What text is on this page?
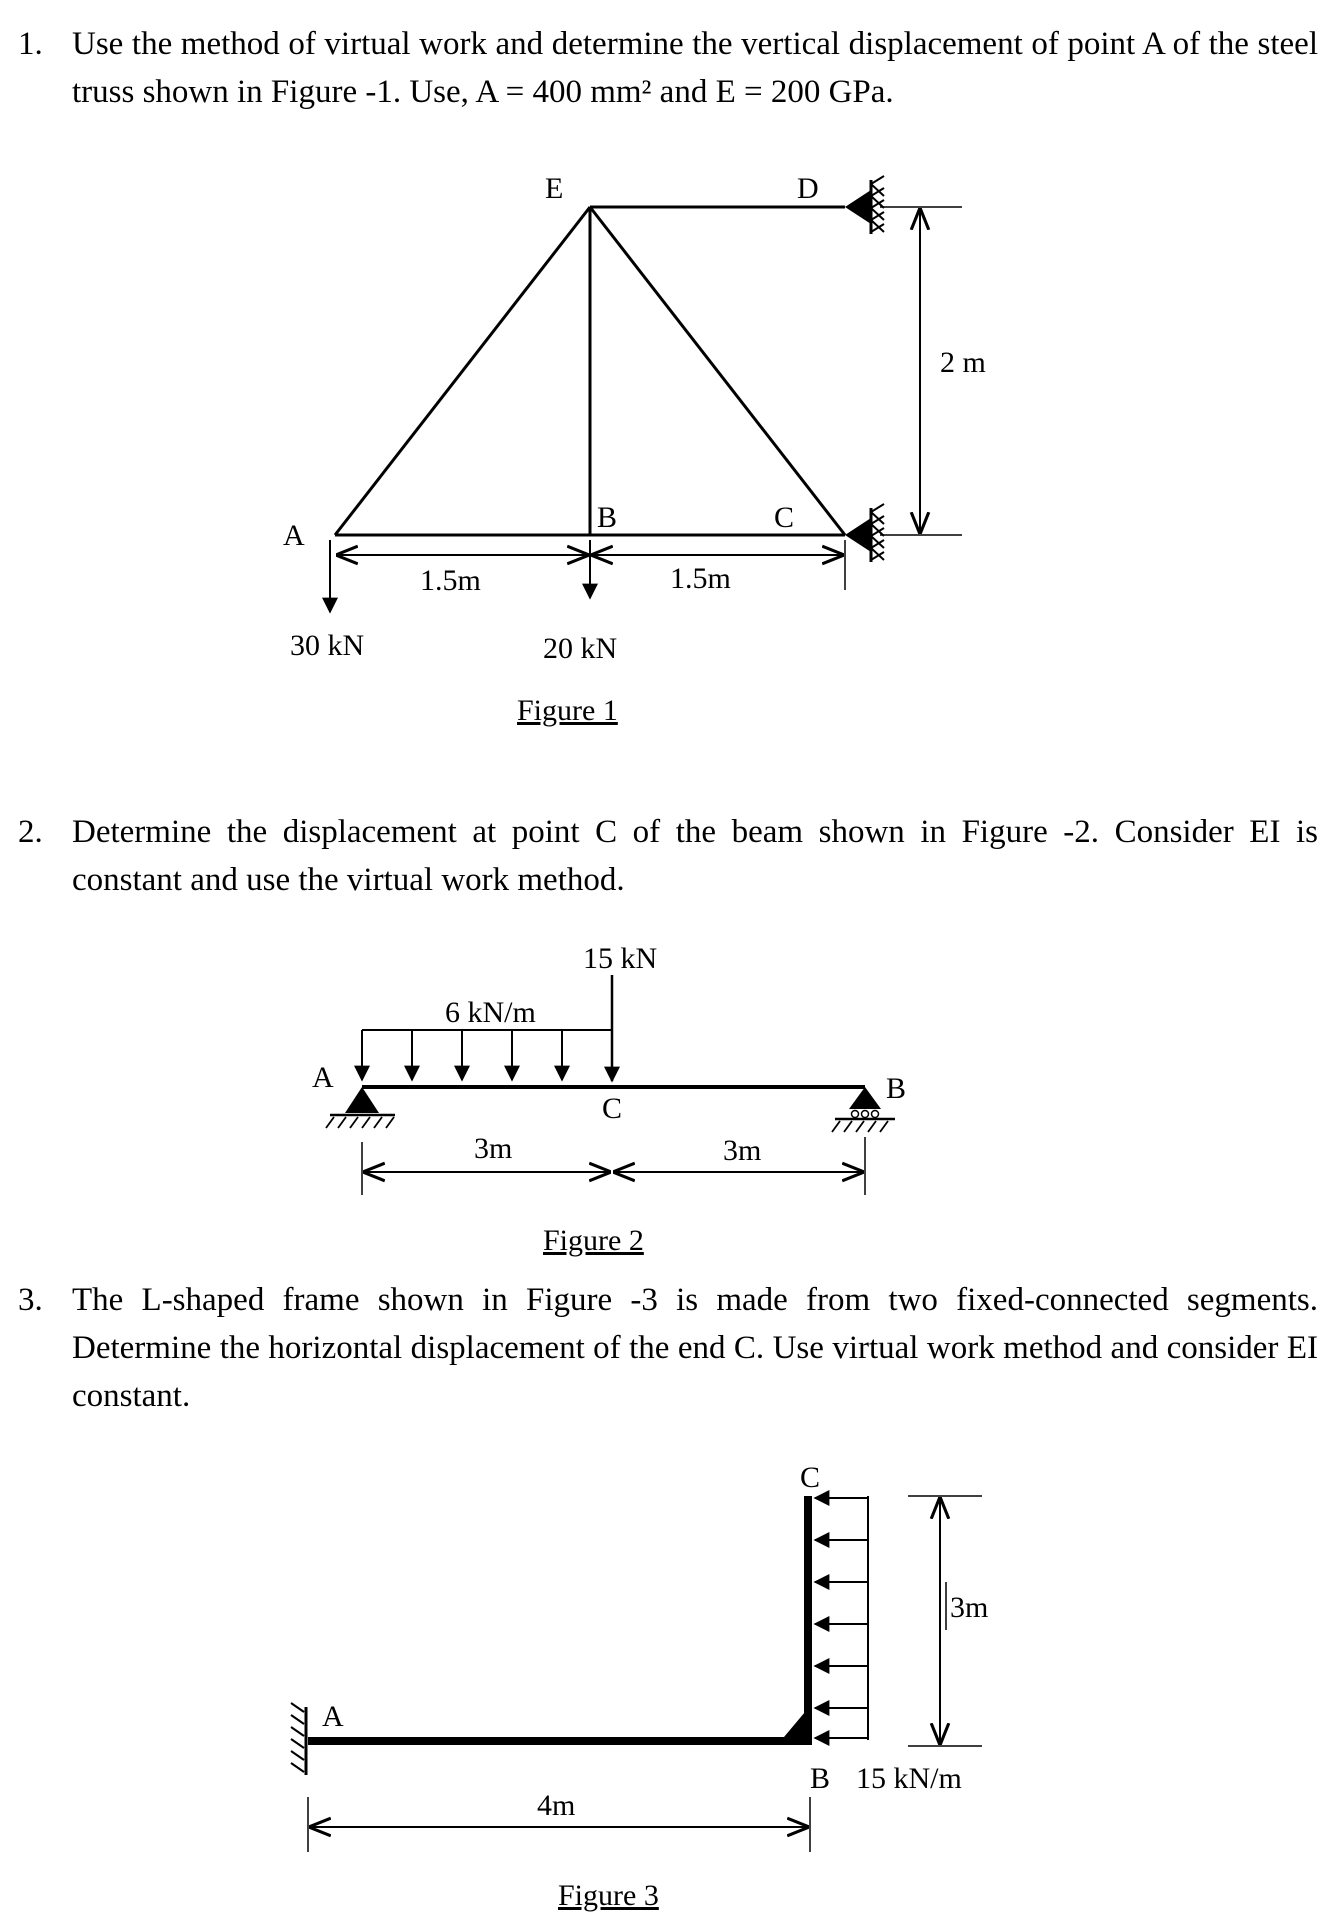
1. Use the method of virtual work and determine the vertical displacement of point A of the steel truss shown in Figure -1. Use, A = 400 mm² and E = 200 GPa.
2. Determine the displacement at point C of the beam shown in Figure -2. Consider EI is constant and use the virtual work method.
3. The L-shaped frame shown in Figure -3 is made from two fixed-connected segments. Determine the horizontal displacement of the end C. Use virtual work method and consider EI constant.
2 m
1.5m	1.5m
30 kN	20 kN
A
B	C
D
E
Figure 1
6 kN/m
15 kN
3m	3m
A
C
B
Figure 2
3m
4m
A
C
B 15 kN/m
Figure 3
